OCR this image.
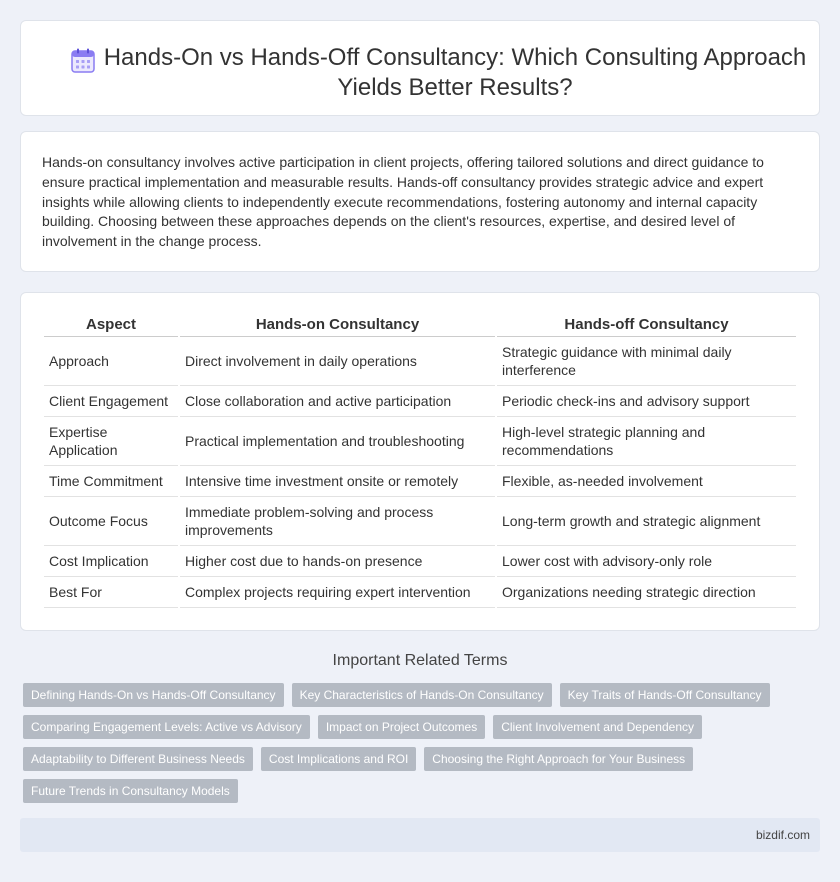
Hands-On vs Hands-Off Consultancy: Which Consulting Approach Yields Better Results?

Hands-on consultancy involves active participation in client projects, offering tailored solutions and direct guidance to ensure practical implementation and measurable results. Hands-off consultancy provides strategic advice and expert insights while allowing clients to independently execute recommendations, fostering autonomy and internal capacity building. Choosing between these approaches depends on the client's resources, expertise, and desired level of involvement in the change process.

Aspect	Hands-on Consultancy	Hands-off Consultancy
Approach	Direct involvement in daily operations	Strategic guidance with minimal daily interference
Client Engagement	Close collaboration and active participation	Periodic check-ins and advisory support
Expertise Application	Practical implementation and troubleshooting	High-level strategic planning and recommendations
Time Commitment	Intensive time investment onsite or remotely	Flexible, as-needed involvement
Outcome Focus	Immediate problem-solving and process improvements	Long-term growth and strategic alignment
Cost Implication	Higher cost due to hands-on presence	Lower cost with advisory-only role
Best For	Complex projects requiring expert intervention	Organizations needing strategic direction
Important Related Terms
Defining Hands-On vs Hands-Off Consultancy	Key Characteristics of Hands-On Consultancy	Key Traits of Hands-Off Consultancy
Comparing Engagement Levels: Active vs Advisory	Impact on Project Outcomes	Client Involvement and Dependency
Adaptability to Different Business Needs	Cost Implications and ROI	Choosing the Right Approach for Your Business
Future Trends in Consultancy Models
bizdif.com
